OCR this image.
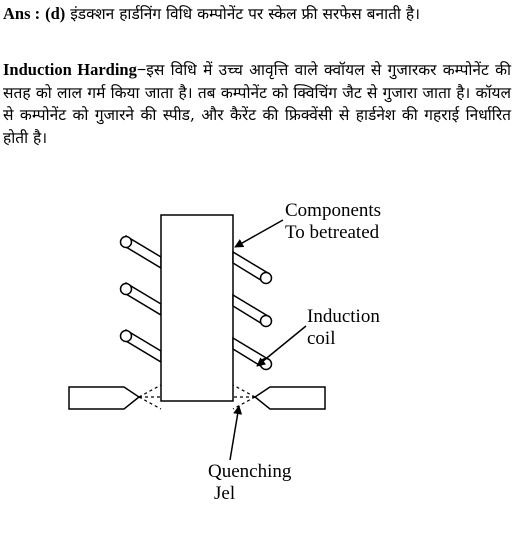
Ans : (d) इंडक्शन हार्डनिंग विधि कम्पोनेंट पर स्केल फ्री सरफेस बनाती है।

Induction Harding−इस विधि में उच्च आवृत्ति वाले क्वॉयल से गुजारकर कम्पोनेंट की सतह को लाल गर्म किया जाता है। तब कम्पोनेंट को क्विचिंग जैट से गुजारा जाता है। कॉयल से कम्पोनेंट को गुजारने की स्पीड, और कैरेंट की फ्रिक्वेंसी से हार्डनेश की गहराई निर्धारित होती है।

Components
To betreated
Induction
coil
Quenching
Jel
